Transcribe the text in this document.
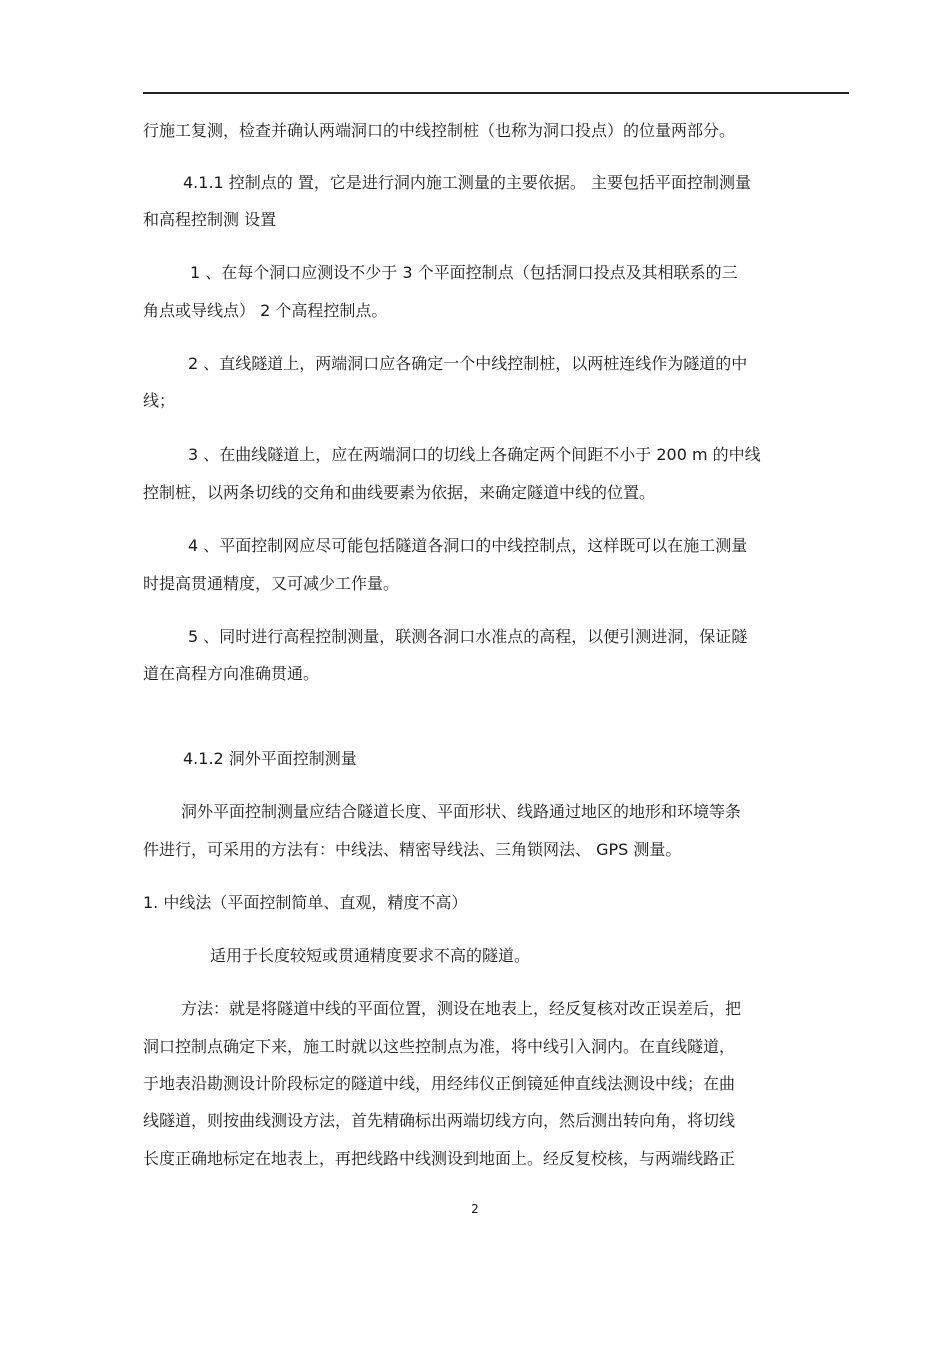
行施工复测，检查并确认两端洞口的中线控制桩（也称为洞口投点）的位量两部分。
4.1.1 控制点的 置，它是进行洞内施工测量的主要依据。 主要包括平面控制测量
和高程控制测 设置
1 、在每个洞口应测设不少于 3 个平面控制点（包括洞口投点及其相联系的三
角点或导线点） 2 个高程控制点。
2 、直线隧道上，两端洞口应各确定一个中线控制桩，以两桩连线作为隧道的中
线；
3 、在曲线隧道上，应在两端洞口的切线上各确定两个间距不小于 200 m 的中线
控制桩，以两条切线的交角和曲线要素为依据，来确定隧道中线的位置。
4 、平面控制网应尽可能包括隧道各洞口的中线控制点，这样既可以在施工测量
时提高贯通精度，又可减少工作量。
5 、同时进行高程控制测量，联测各洞口水准点的高程，以便引测进洞，保证隧
道在高程方向准确贯通。
4.1.2 洞外平面控制测量
洞外平面控制测量应结合隧道长度、平面形状、线路通过地区的地形和环境等条
件进行，可采用的方法有：中线法、精密导线法、三角锁网法、 GPS 测量。
1. 中线法（平面控制简单、直观，精度不高）
适用于长度较短或贯通精度要求不高的隧道。
方法：就是将隧道中线的平面位置，测设在地表上，经反复核对改正误差后，把
洞口控制点确定下来，施工时就以这些控制点为准，将中线引入洞内。在直线隧道，
于地表沿勘测设计阶段标定的隧道中线，用经纬仪正倒镜延伸直线法测设中线；在曲
线隧道，则按曲线测设方法，首先精确标出两端切线方向，然后测出转向角，将切线
长度正确地标定在地表上，再把线路中线测设到地面上。经反复校核，与两端线路正
2
